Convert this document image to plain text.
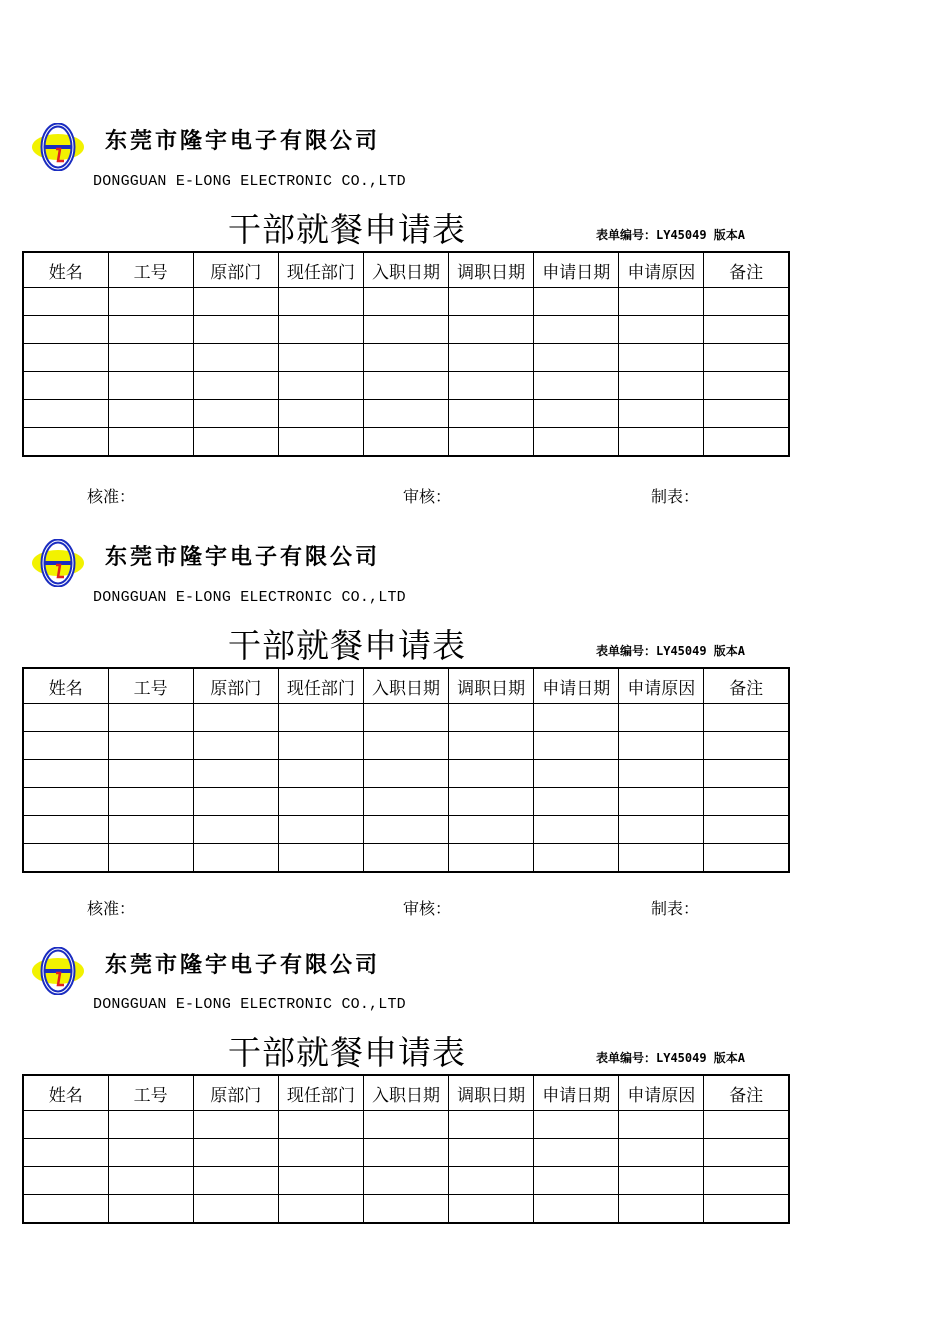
东莞市隆宇电子有限公司
DONGGUAN E-LONG ELECTRONIC CO.,LTD
干部就餐申请表	表单编号：LY45049 版本A
姓名	工号	原部门	现任部门	入职日期	调职日期	申请日期	申请原因	备注

核准：	审核：	制表：
东莞市隆宇电子有限公司
DONGGUAN E-LONG ELECTRONIC CO.,LTD
干部就餐申请表	表单编号：LY45049 版本A
姓名	工号	原部门	现任部门	入职日期	调职日期	申请日期	申请原因	备注

核准：	审核：	制表：
东莞市隆宇电子有限公司
DONGGUAN E-LONG ELECTRONIC CO.,LTD
干部就餐申请表	表单编号：LY45049 版本A
姓名	工号	原部门	现任部门	入职日期	调职日期	申请日期	申请原因	备注
